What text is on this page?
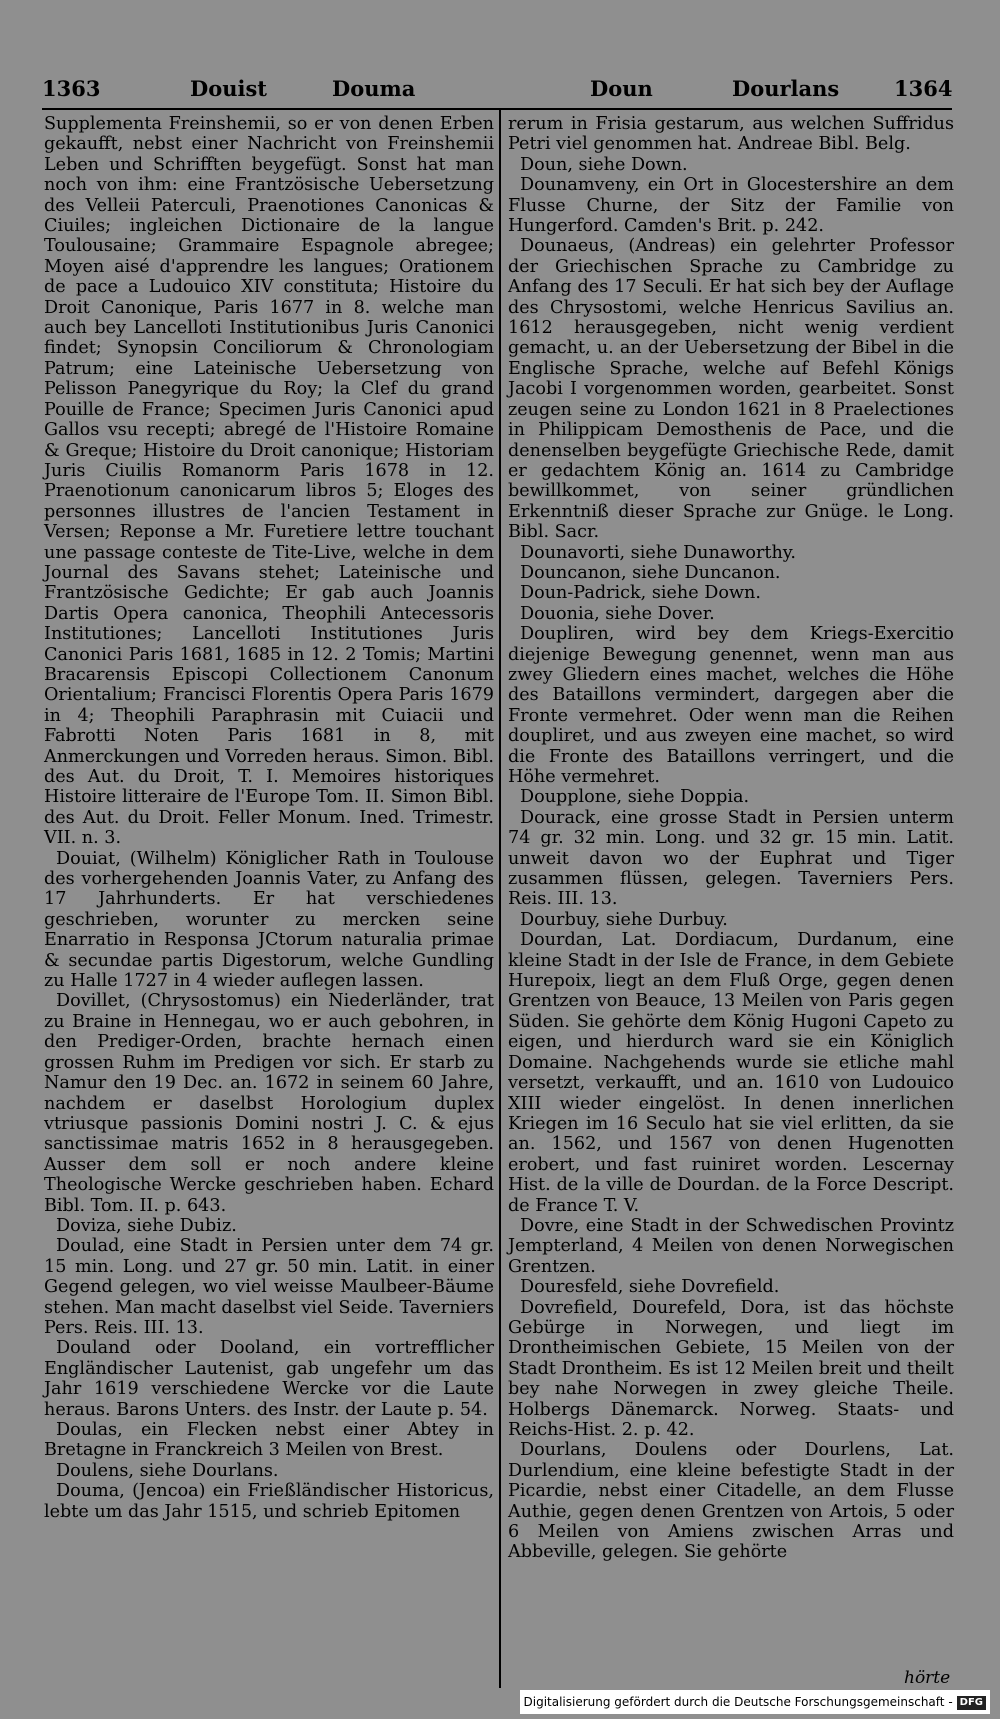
1363	Douist	Douma	Doun	Dourlans	1364

Supplementa Freinshemii, so er von denen Erben gekaufft, nebst einer Nachricht von Freinshemii Leben und Schrifften beygefügt. Sonst hat man noch von ihm: eine Frantzösische Uebersetzung des Velleii Paterculi, Praenotiones Canonicas & Ciuiles; ingleichen Dictionaire de la langue Toulousaine; Grammaire Espagnole abregee; Moyen aisé d'apprendre les langues; Orationem de pace a Ludouico XIV constituta; Histoire du Droit Canonique, Paris 1677 in 8. welche man auch bey Lancelloti Institutionibus Juris Canonici findet; Synopsin Conciliorum & Chronologiam Patrum; eine Lateinische Uebersetzung von Pelisson Panegyrique du Roy; la Clef du grand Pouille de France; Specimen Juris Canonici apud Gallos vsu recepti; abregé de l'Histoire Romaine & Greque; Histoire du Droit canonique; Historiam Juris Ciuilis Romanorm Paris 1678 in 12. Praenotionum canonicarum libros 5; Eloges des personnes illustres de l'ancien Testament in Versen; Reponse a Mr. Furetiere lettre touchant une passage conteste de Tite-Live, welche in dem Journal des Savans stehet; Lateinische und Frantzösische Gedichte; Er gab auch Joannis Dartis Opera canonica, Theophili Antecessoris Institutiones; Lancelloti Institutiones Juris Canonici Paris 1681, 1685 in 12. 2 Tomis; Martini Bracarensis Episcopi Collectionem Canonum Orientalium; Francisci Florentis Opera Paris 1679 in 4; Theophili Paraphrasin mit Cuiacii und Fabrotti Noten Paris 1681 in 8, mit Anmerckungen und Vorreden heraus. Simon. Bibl. des Aut. du Droit, T. I. Memoires historiques Histoire litteraire de l'Europe Tom. II. Simon Bibl. des Aut. du Droit. Feller Monum. Ined. Trimestr. VII. n. 3.

Douiat, (Wilhelm) Königlicher Rath in Toulouse des vorhergehenden Joannis Vater, zu Anfang des 17 Jahrhunderts. Er hat verschiedenes geschrieben, worunter zu mercken seine Enarratio in Responsa JCtorum naturalia primae & secundae partis Digestorum, welche Gundling zu Halle 1727 in 4 wieder auflegen lassen.

Dovillet, (Chrysostomus) ein Niederländer, trat zu Braine in Hennegau, wo er auch gebohren, in den Prediger-Orden, brachte hernach einen grossen Ruhm im Predigen vor sich. Er starb zu Namur den 19 Dec. an. 1672 in seinem 60 Jahre, nachdem er daselbst Horologium duplex vtriusque passionis Domini nostri J. C. & ejus sanctissimae matris 1652 in 8 herausgegeben. Ausser dem soll er noch andere kleine Theologische Wercke geschrieben haben. Echard Bibl. Tom. II. p. 643.

Doviza, siehe Dubiz.

Doulad, eine Stadt in Persien unter dem 74 gr. 15 min. Long. und 27 gr. 50 min. Latit. in einer Gegend gelegen, wo viel weisse Maulbeer-Bäume stehen. Man macht daselbst viel Seide. Taverniers Pers. Reis. III. 13.

Douland oder Dooland, ein vortrefflicher Engländischer Lautenist, gab ungefehr um das Jahr 1619 verschiedene Wercke vor die Laute heraus. Barons Unters. des Instr. der Laute p. 54.

Doulas, ein Flecken nebst einer Abtey in Bretagne in Franckreich 3 Meilen von Brest.

Doulens, siehe Dourlans.

Douma, (Jencoa) ein Frießländischer Historicus, lebte um das Jahr 1515, und schrieb Epitomen

rerum in Frisia gestarum, aus welchen Suffridus Petri viel genommen hat. Andreae Bibl. Belg.

Doun, siehe Down.

Dounamveny, ein Ort in Glocestershire an dem Flusse Churne, der Sitz der Familie von Hungerford. Camden's Brit. p. 242.

Dounaeus, (Andreas) ein gelehrter Professor der Griechischen Sprache zu Cambridge zu Anfang des 17 Seculi. Er hat sich bey der Auflage des Chrysostomi, welche Henricus Savilius an. 1612 herausgegeben, nicht wenig verdient gemacht, u. an der Uebersetzung der Bibel in die Englische Sprache, welche auf Befehl Königs Jacobi I vorgenommen worden, gearbeitet. Sonst zeugen seine zu London 1621 in 8 Praelectiones in Philippicam Demosthenis de Pace, und die denenselben beygefügte Griechische Rede, damit er gedachtem König an. 1614 zu Cambridge bewillkommet, von seiner gründlichen Erkenntniß dieser Sprache zur Gnüge. le Long. Bibl. Sacr.

Dounavorti, siehe Dunaworthy.

Douncanon, siehe Duncanon.

Doun-Padrick, siehe Down.

Douonia, siehe Dover.

Doupliren, wird bey dem Kriegs-Exercitio diejenige Bewegung genennet, wenn man aus zwey Gliedern eines machet, welches die Höhe des Bataillons vermindert, dargegen aber die Fronte vermehret. Oder wenn man die Reihen doupliret, und aus zweyen eine machet, so wird die Fronte des Bataillons verringert, und die Höhe vermehret.

Doupplone, siehe Doppia.

Dourack, eine grosse Stadt in Persien unterm 74 gr. 32 min. Long. und 32 gr. 15 min. Latit. unweit davon wo der Euphrat und Tiger zusammen flüssen, gelegen. Taverniers Pers. Reis. III. 13.

Dourbuy, siehe Durbuy.

Dourdan, Lat. Dordiacum, Durdanum, eine kleine Stadt in der Isle de France, in dem Gebiete Hurepoix, liegt an dem Fluß Orge, gegen denen Grentzen von Beauce, 13 Meilen von Paris gegen Süden. Sie gehörte dem König Hugoni Capeto zu eigen, und hierdurch ward sie ein Königlich Domaine. Nachgehends wurde sie etliche mahl versetzt, verkaufft, und an. 1610 von Ludouico XIII wieder eingelöst. In denen innerlichen Kriegen im 16 Seculo hat sie viel erlitten, da sie an. 1562, und 1567 von denen Hugenotten erobert, und fast ruiniret worden. Lescernay Hist. de la ville de Dourdan. de la Force Descript. de France T. V.

Dovre, eine Stadt in der Schwedischen Provintz Jempterland, 4 Meilen von denen Norwegischen Grentzen.

Douresfeld, siehe Dovrefield.

Dovrefield, Dourefeld, Dora, ist das höchste Gebürge in Norwegen, und liegt im Drontheimischen Gebiete, 15 Meilen von der Stadt Drontheim. Es ist 12 Meilen breit und theilt bey nahe Norwegen in zwey gleiche Theile. Holbergs Dänemarck. Norweg. Staats- und Reichs-Hist. 2. p. 42.

Dourlans, Doulens oder Dourlens, Lat. Durlendium, eine kleine befestigte Stadt in der Picardie, nebst einer Citadelle, an dem Flusse Authie, gegen denen Grentzen von Artois, 5 oder 6 Meilen von Amiens zwischen Arras und Abbeville, gelegen. Sie gehörte

hörte
Digitalisierung gefördert durch die Deutsche Forschungsgemeinschaft - DFG
